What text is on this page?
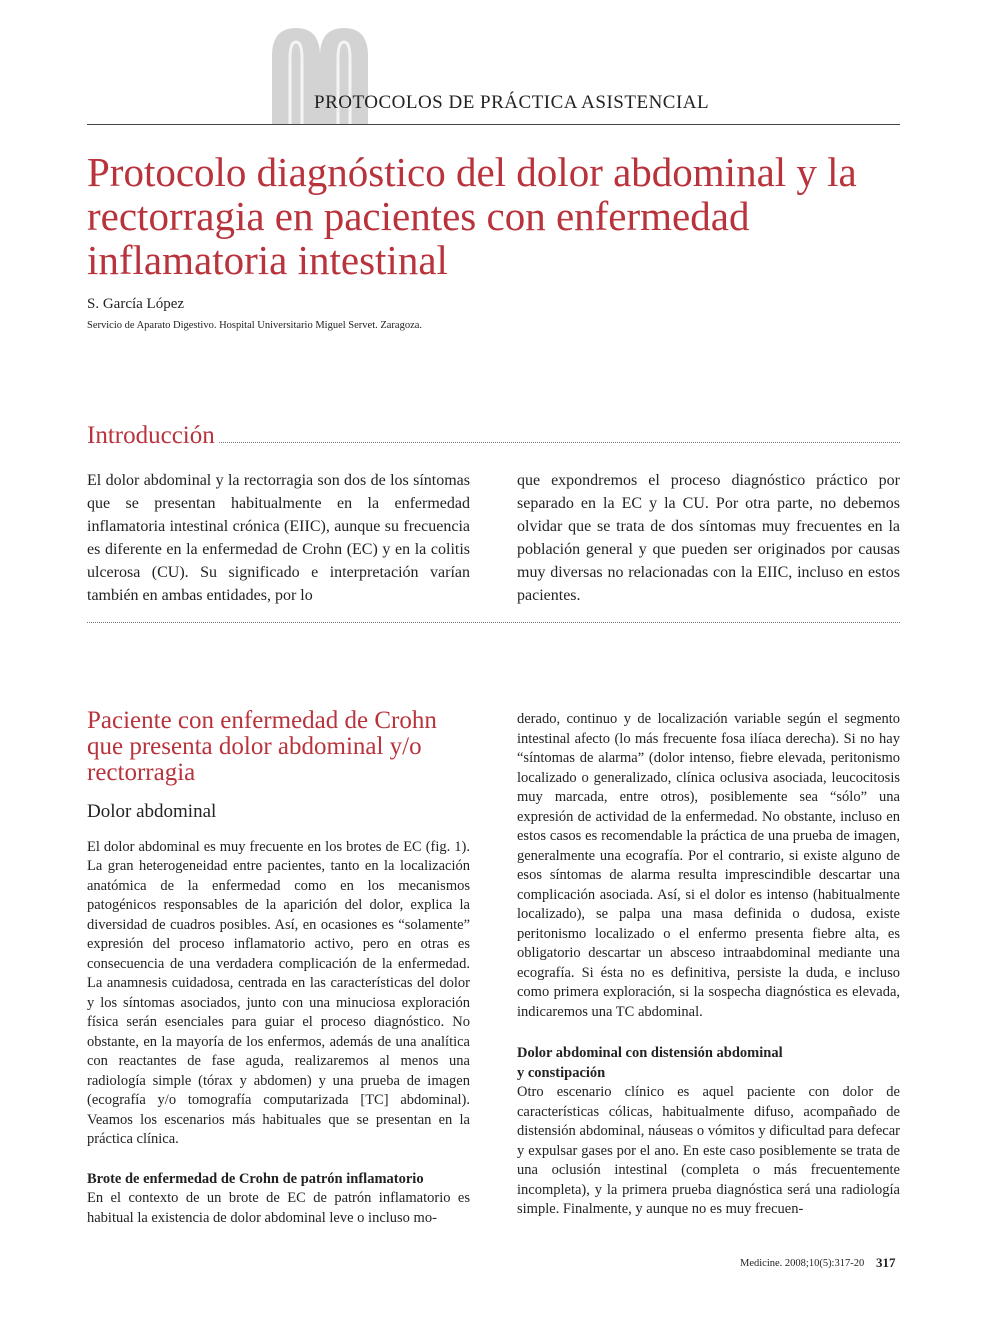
PROTOCOLOS DE PRÁCTICA ASISTENCIAL
Protocolo diagnóstico del dolor abdominal y la rectorragia en pacientes con enfermedad inflamatoria intestinal
S. García López
Servicio de Aparato Digestivo. Hospital Universitario Miguel Servet. Zaragoza.
Introducción

El dolor abdominal y la rectorragia son dos de los síntomas que se presentan habitualmente en la enfermedad inflamatoria intestinal crónica (EIIC), aunque su frecuencia es diferente en la enfermedad de Crohn (EC) y en la colitis ulcerosa (CU). Su significado e interpretación varían también en ambas entidades, por lo

que expondremos el proceso diagnóstico práctico por separado en la EC y la CU. Por otra parte, no debemos olvidar que se trata de dos síntomas muy frecuentes en la población general y que pueden ser originados por causas muy diversas no relacionadas con la EIIC, incluso en estos pacientes.

Paciente con enfermedad de Crohn que presenta dolor abdominal y/o rectorragia
Dolor abdominal

El dolor abdominal es muy frecuente en los brotes de EC (fig. 1). La gran heterogeneidad entre pacientes, tanto en la localización anatómica de la enfermedad como en los mecanismos patogénicos responsables de la aparición del dolor, explica la diversidad de cuadros posibles. Así, en ocasiones es “solamente” expresión del proceso inflamatorio activo, pero en otras es consecuencia de una verdadera complicación de la enfermedad. La anamnesis cuidadosa, centrada en las características del dolor y los síntomas asociados, junto con una minuciosa exploración física serán esenciales para guiar el proceso diagnóstico. No obstante, en la mayoría de los enfermos, además de una analítica con reactantes de fase aguda, realizaremos al menos una radiología simple (tórax y abdomen) y una prueba de imagen (ecografía y/o tomografía computarizada [TC] abdominal). Veamos los escenarios más habituales que se presentan en la práctica clínica.

Brote de enfermedad de Crohn de patrón inflamatorio

En el contexto de un brote de EC de patrón inflamatorio es habitual la existencia de dolor abdominal leve o incluso mo-

derado, continuo y de localización variable según el segmento intestinal afecto (lo más frecuente fosa ilíaca derecha). Si no hay “síntomas de alarma” (dolor intenso, fiebre elevada, peritonismo localizado o generalizado, clínica oclusiva asociada, leucocitosis muy marcada, entre otros), posiblemente sea “sólo” una expresión de actividad de la enfermedad. No obstante, incluso en estos casos es recomendable la práctica de una prueba de imagen, generalmente una ecografía. Por el contrario, si existe alguno de esos síntomas de alarma resulta imprescindible descartar una complicación asociada. Así, si el dolor es intenso (habitualmente localizado), se palpa una masa definida o dudosa, existe peritonismo localizado o el enfermo presenta fiebre alta, es obligatorio descartar un absceso intraabdominal mediante una ecografía. Si ésta no es definitiva, persiste la duda, e incluso como primera exploración, si la sospecha diagnóstica es elevada, indicaremos una TC abdominal.

Dolor abdominal con distensión abdominal
y constipación

Otro escenario clínico es aquel paciente con dolor de características cólicas, habitualmente difuso, acompañado de distensión abdominal, náuseas o vómitos y dificultad para defecar y expulsar gases por el ano. En este caso posiblemente se trata de una oclusión intestinal (completa o más frecuentemente incompleta), y la primera prueba diagnóstica será una radiología simple. Finalmente, y aunque no es muy frecuen-

Medicine. 2008;10(5):317-20 317
